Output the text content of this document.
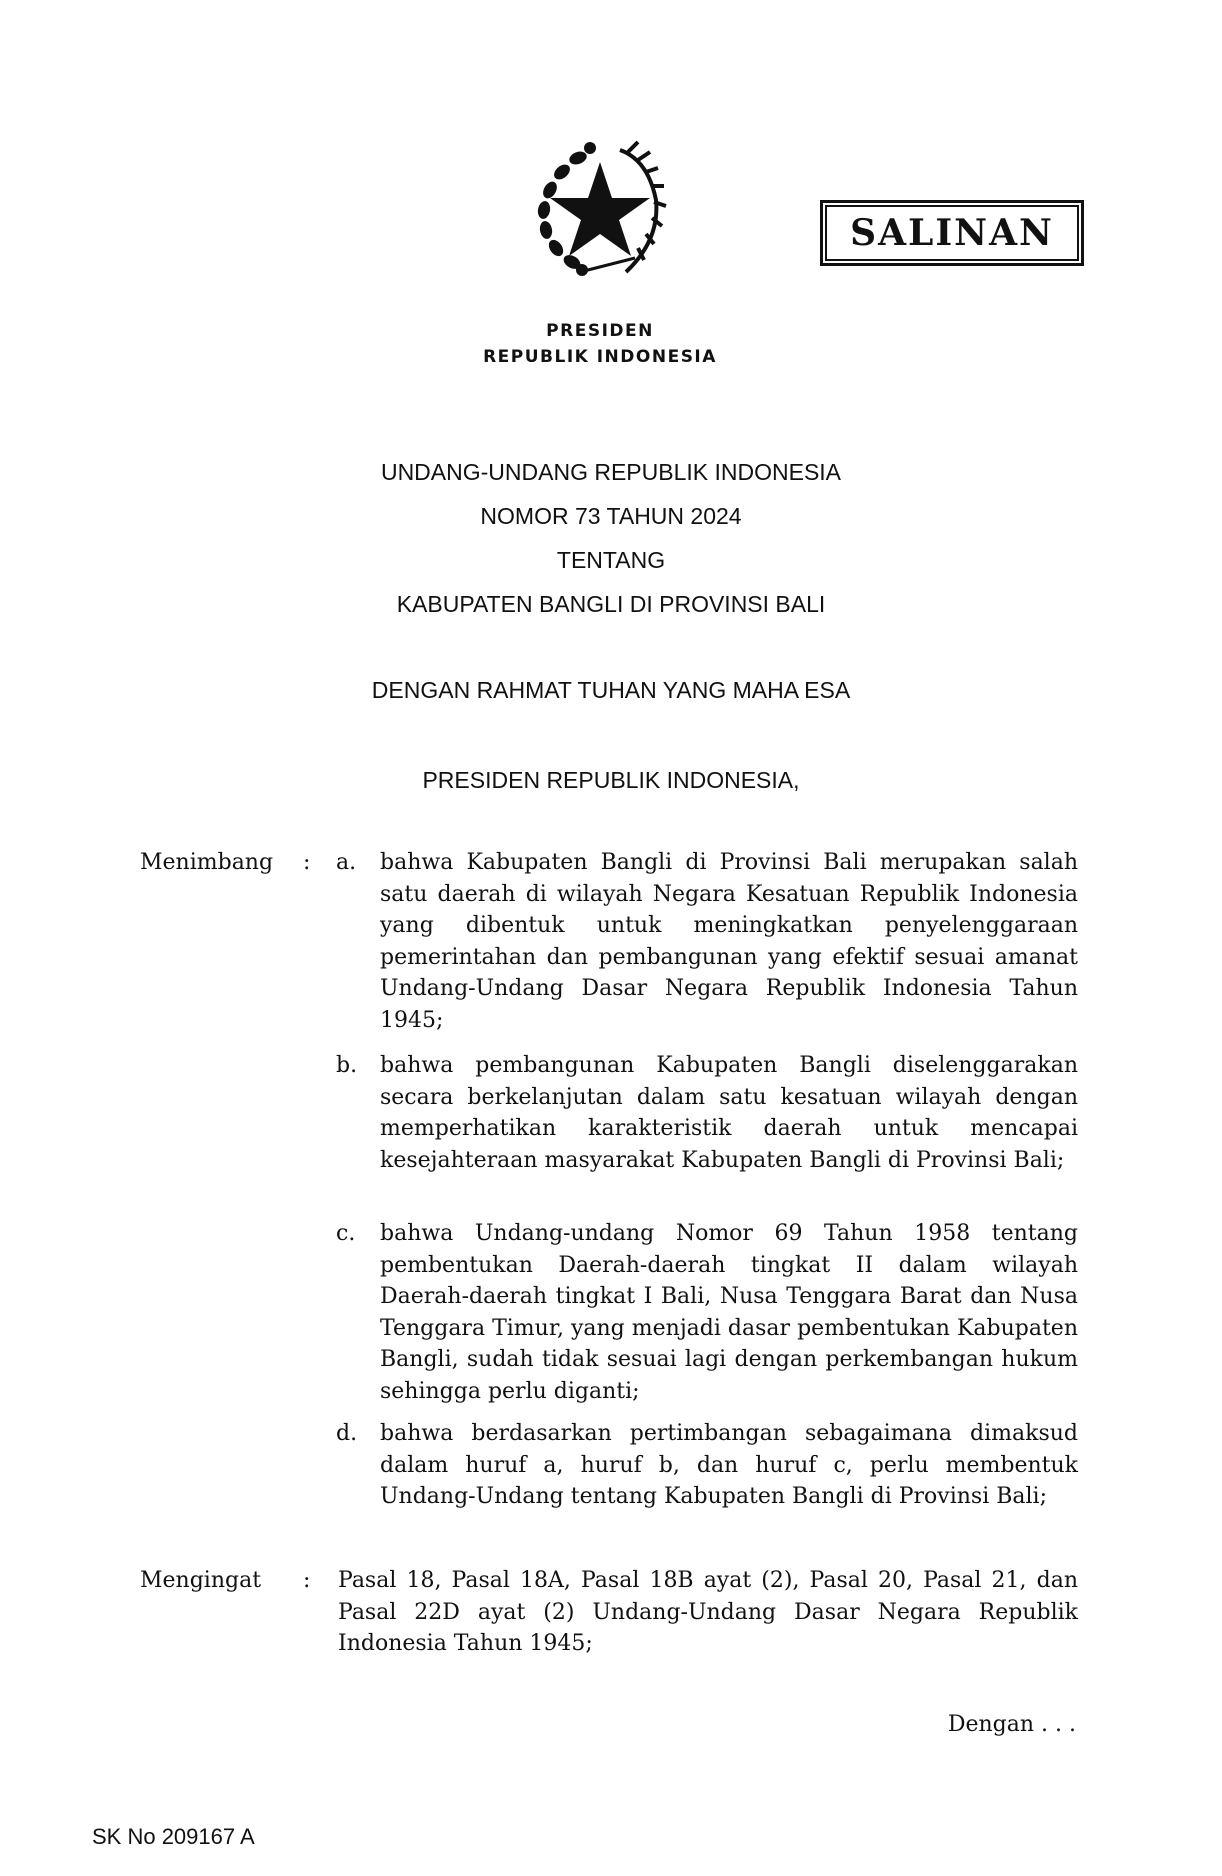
PRESIDEN
REPUBLIK INDONESIA
SALINAN
UNDANG-UNDANG REPUBLIK INDONESIA
NOMOR 73 TAHUN 2024
TENTANG
KABUPATEN BANGLI DI PROVINSI BALI
DENGAN RAHMAT TUHAN YANG MAHA ESA
PRESIDEN REPUBLIK INDONESIA,
Menimbang : a. bahwa Kabupaten Bangli di Provinsi Bali merupakan salah satu daerah di wilayah Negara Kesatuan Republik Indonesia yang dibentuk untuk meningkatkan penyelenggaraan pemerintahan dan pembangunan yang efektif sesuai amanat Undang-Undang Dasar Negara Republik Indonesia Tahun 1945;
b. bahwa pembangunan Kabupaten Bangli diselenggarakan secara berkelanjutan dalam satu kesatuan wilayah dengan memperhatikan karakteristik daerah untuk mencapai kesejahteraan masyarakat Kabupaten Bangli di Provinsi Bali;
c. bahwa Undang-undang Nomor 69 Tahun 1958 tentang pembentukan Daerah-daerah tingkat II dalam wilayah Daerah-daerah tingkat I Bali, Nusa Tenggara Barat dan Nusa Tenggara Timur, yang menjadi dasar pembentukan Kabupaten Bangli, sudah tidak sesuai lagi dengan perkembangan hukum sehingga perlu diganti;
d. bahwa berdasarkan pertimbangan sebagaimana dimaksud dalam huruf a, huruf b, dan huruf c, perlu membentuk Undang-Undang tentang Kabupaten Bangli di Provinsi Bali;
Mengingat : Pasal 18, Pasal 18A, Pasal 18B ayat (2), Pasal 20, Pasal 21, dan Pasal 22D ayat (2) Undang-Undang Dasar Negara Republik Indonesia Tahun 1945;
Dengan . . .
SK No 209167 A
